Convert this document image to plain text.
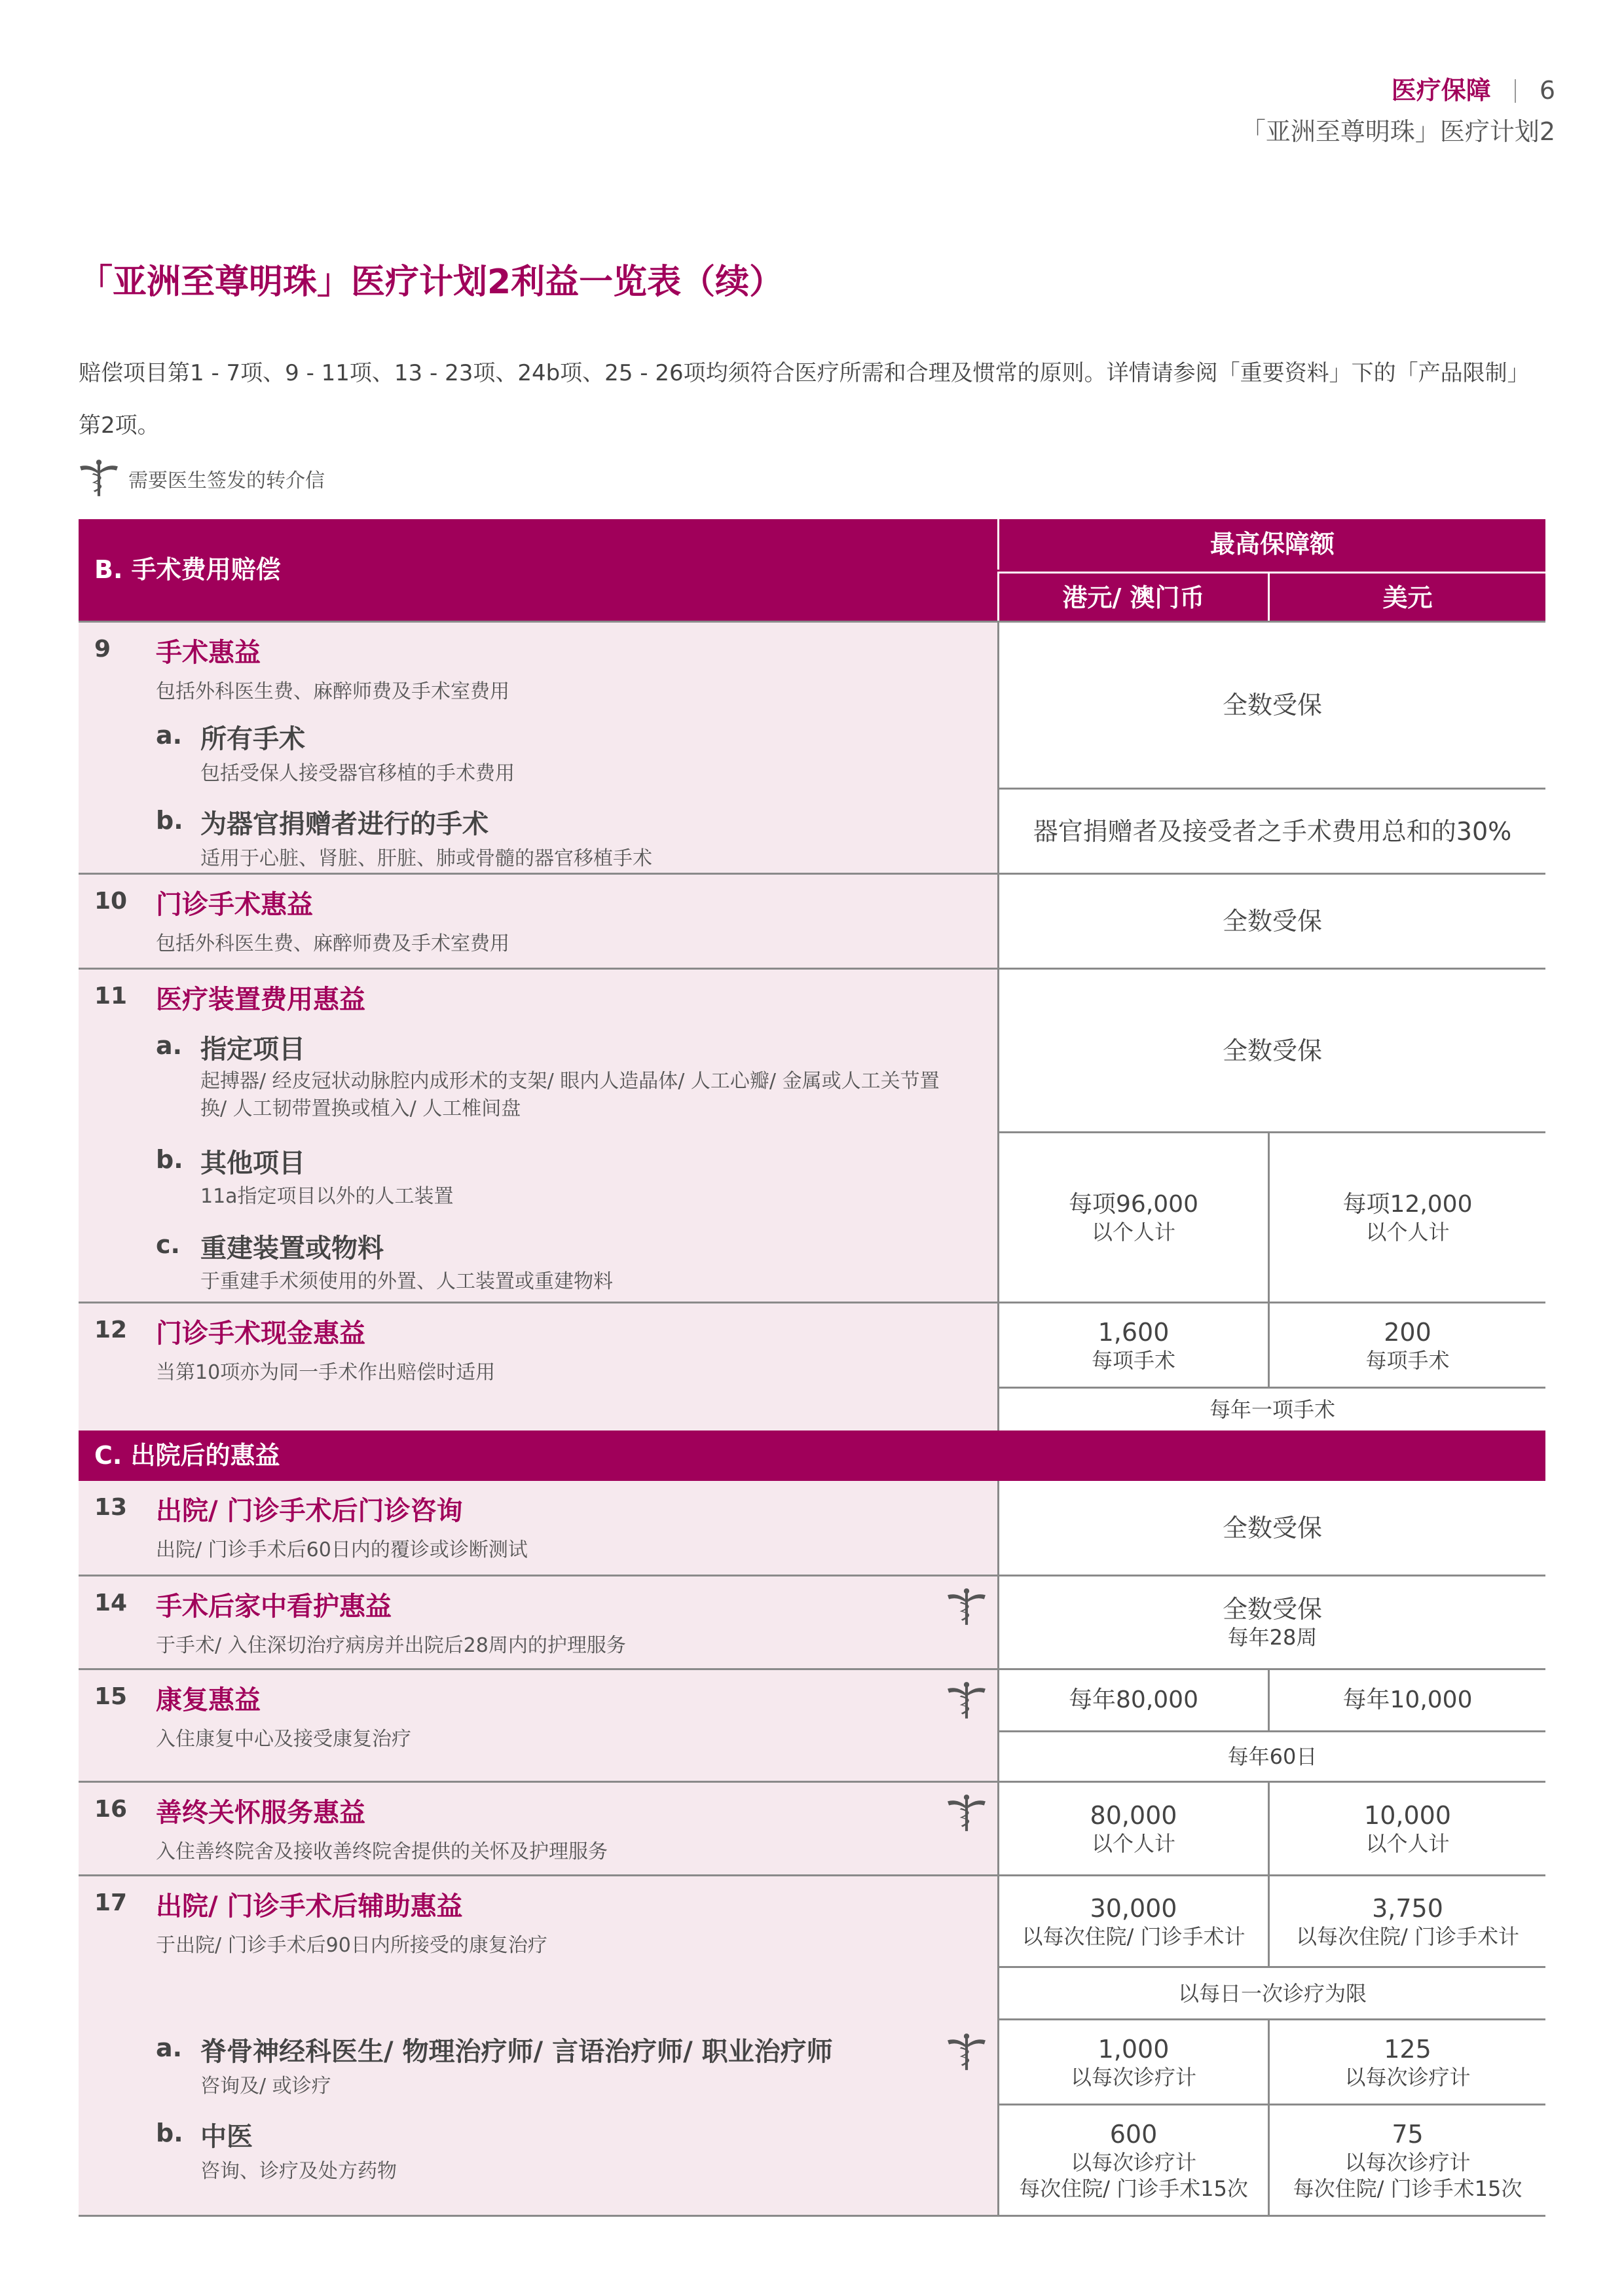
医疗保障 6
「亚洲至尊明珠」医疗计划2
「亚洲至尊明珠」医疗计划2利益一览表（续）
赔偿项目第1 - 7项、9 - 11项、13 - 23项、24b项、25 - 26项均须符合医疗所需和合理及惯常的原则。详情请参阅「重要资料」下的「产品限制」第2项。
需要医生签发的转介信
B. 手术费用赔偿
最高保障额
港元/ 澳门币	美元
9 手术惠益
包括外科医生费、麻醉师费及手术室费用
a. 所有手术
包括受保人接受器官移植的手术费用
b. 为器官捐赠者进行的手术
适用于心脏、肾脏、肝脏、肺或骨髓的器官移植手术
全数受保
器官捐赠者及接受者之手术费用总和的30%
10 门诊手术惠益
包括外科医生费、麻醉师费及手术室费用
全数受保
11 医疗装置费用惠益
a. 指定项目
起搏器/ 经皮冠状动脉腔内成形术的支架/ 眼内人造晶体/ 人工心瓣/ 金属或人工关节置换/ 人工韧带置换或植入/ 人工椎间盘
b. 其他项目
11a指定项目以外的人工装置
c. 重建装置或物料
于重建手术须使用的外置、人工装置或重建物料
全数受保
每项96,000
以个人计
每项12,000
以个人计
12 门诊手术现金惠益
当第10项亦为同一手术作出赔偿时适用
1,600
每项手术
200
每项手术
每年一项手术
C. 出院后的惠益
13 出院/ 门诊手术后门诊咨询
出院/ 门诊手术后60日内的覆诊或诊断测试
全数受保
14 手术后家中看护惠益
于手术/ 入住深切治疗病房并出院后28周内的护理服务
全数受保
每年28周
15 康复惠益
入住康复中心及接受康复治疗
每年80,000	每年10,000
每年60日
16 善终关怀服务惠益
入住善终院舍及接收善终院舍提供的关怀及护理服务
80,000
以个人计
10,000
以个人计
17 出院/ 门诊手术后辅助惠益
于出院/ 门诊手术后90日内所接受的康复治疗
a. 脊骨神经科医生/ 物理治疗师/ 言语治疗师/ 职业治疗师
咨询及/ 或诊疗
b. 中医
咨询、诊疗及处方药物
30,000
以每次住院/ 门诊手术计
3,750
以每次住院/ 门诊手术计
以每日一次诊疗为限
1,000
以每次诊疗计
125
以每次诊疗计
600
以每次诊疗计
每次住院/ 门诊手术15次
75
以每次诊疗计
每次住院/ 门诊手术15次
